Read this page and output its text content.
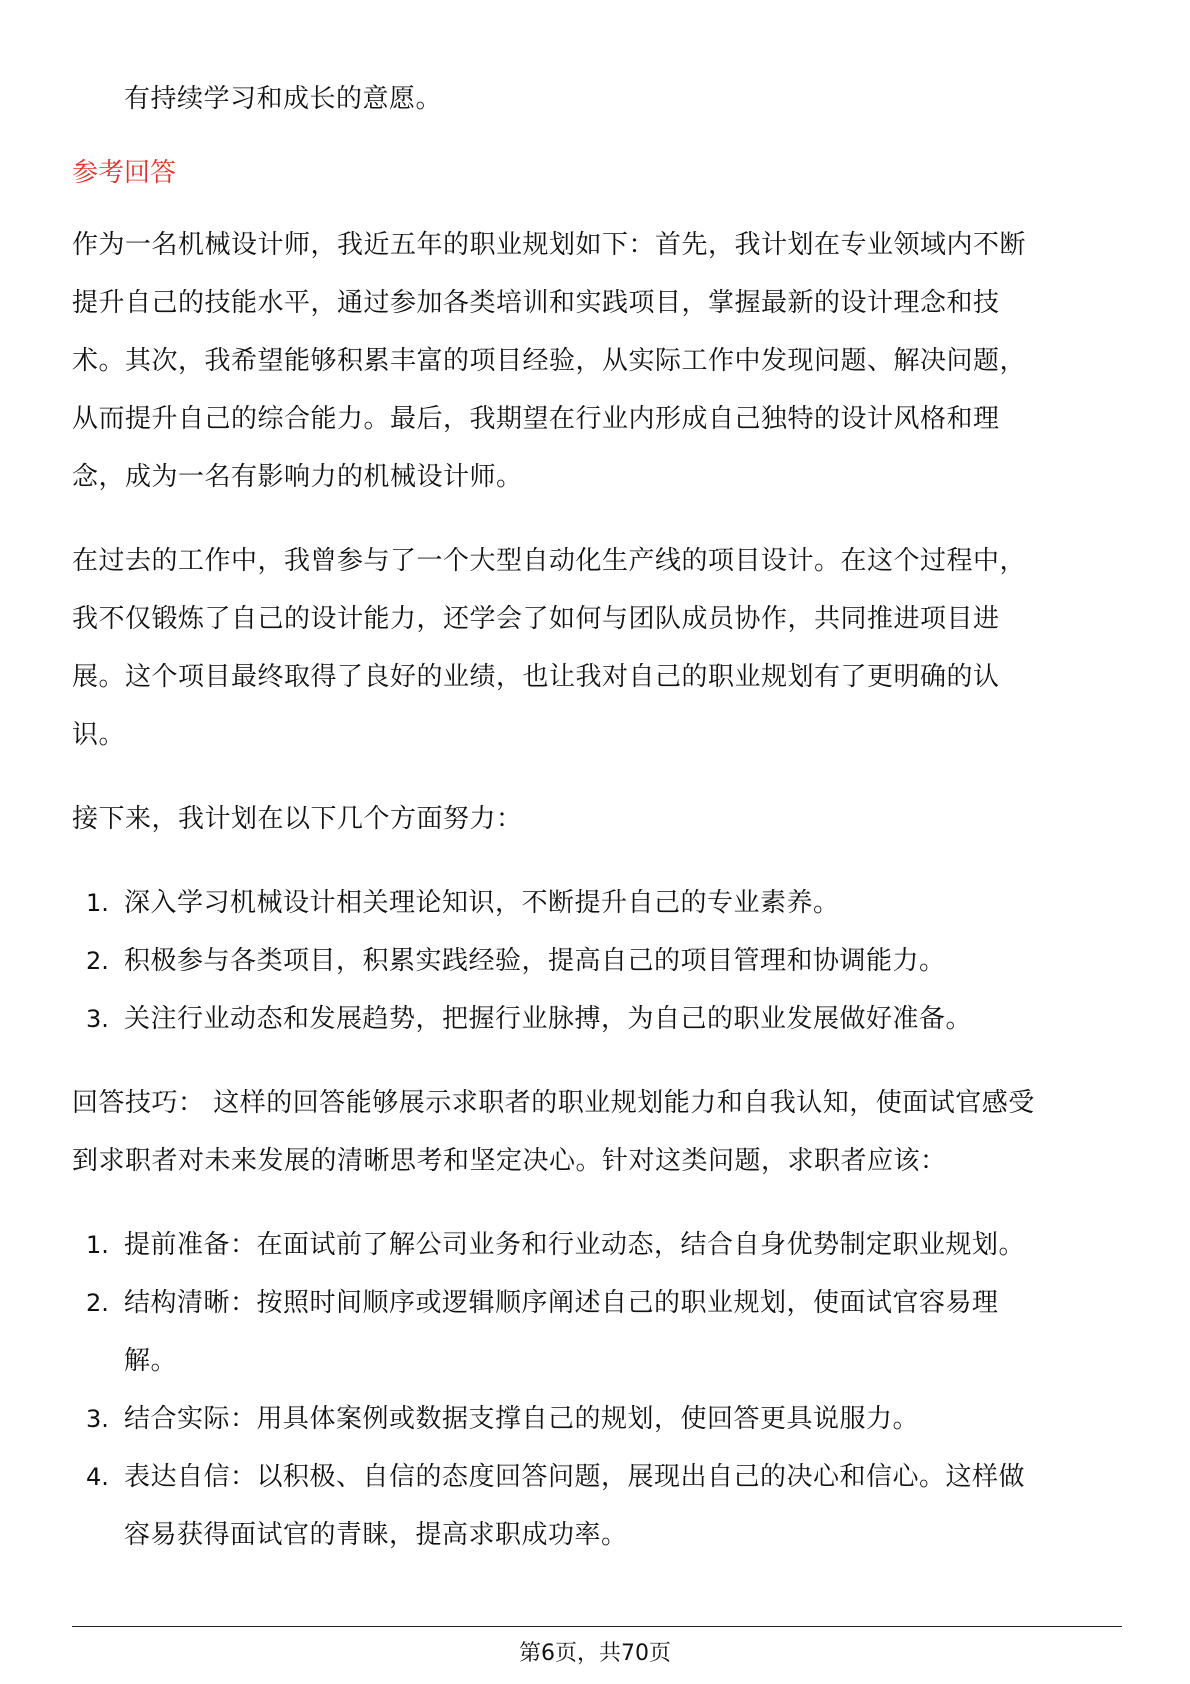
有持续学习和成长的意愿。
参考回答
作为一名机械设计师，我近五年的职业规划如下：首先，我计划在专业领域内不断
提升自己的技能水平，通过参加各类培训和实践项目，掌握最新的设计理念和技
术。其次，我希望能够积累丰富的项目经验，从实际工作中发现问题、解决问题，
从而提升自己的综合能力。最后，我期望在行业内形成自己独特的设计风格和理
念，成为一名有影响力的机械设计师。
在过去的工作中，我曾参与了一个大型自动化生产线的项目设计。在这个过程中，
我不仅锻炼了自己的设计能力，还学会了如何与团队成员协作，共同推进项目进
展。这个项目最终取得了良好的业绩，也让我对自己的职业规划有了更明确的认
识。
接下来，我计划在以下几个方面努力：
1. 深入学习机械设计相关理论知识，不断提升自己的专业素养。
2. 积极参与各类项目，积累实践经验，提高自己的项目管理和协调能力。
3. 关注行业动态和发展趋势，把握行业脉搏，为自己的职业发展做好准备。
回答技巧： 这样的回答能够展示求职者的职业规划能力和自我认知，使面试官感受
到求职者对未来发展的清晰思考和坚定决心。针对这类问题，求职者应该：
1. 提前准备：在面试前了解公司业务和行业动态，结合自身优势制定职业规划。
2. 结构清晰：按照时间顺序或逻辑顺序阐述自己的职业规划，使面试官容易理
解。
3. 结合实际：用具体案例或数据支撑自己的规划，使回答更具说服力。
4. 表达自信：以积极、自信的态度回答问题，展现出自己的决心和信心。这样做
容易获得面试官的青睐，提高求职成功率。
第6页，共70页
